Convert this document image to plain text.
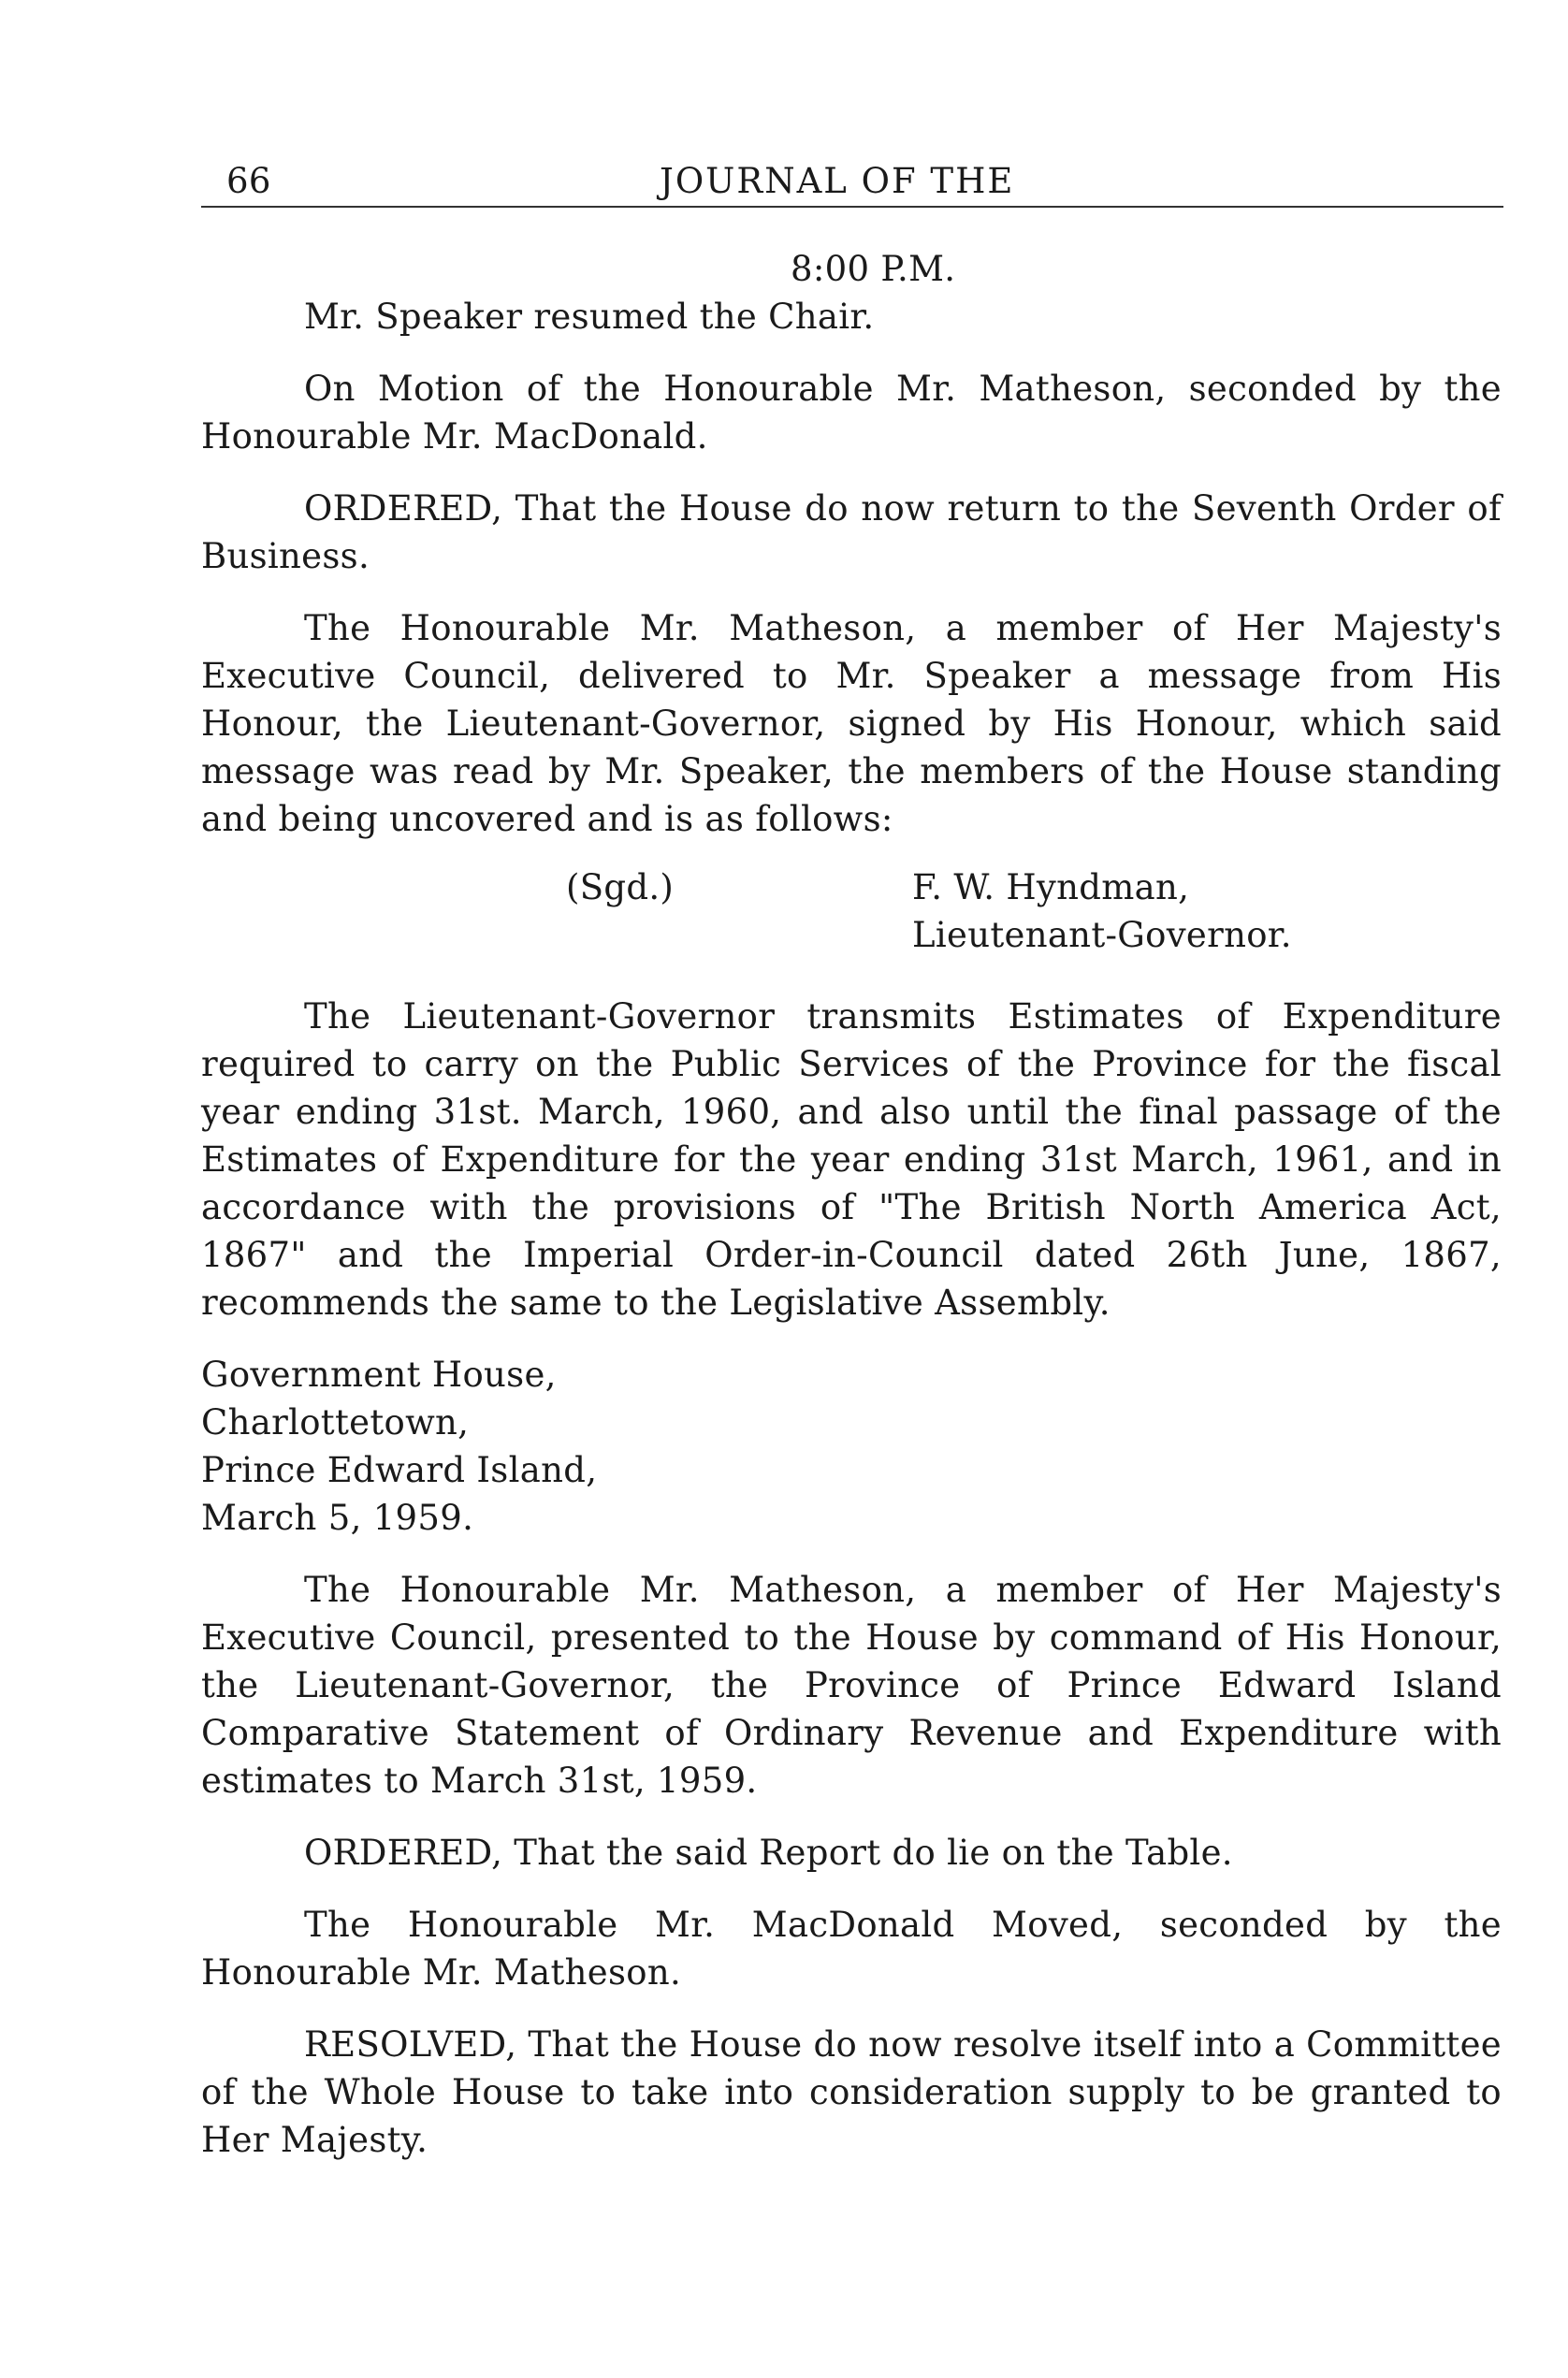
66	JOURNAL OF THE

8:00 P.M.

Mr. Speaker resumed the Chair.

On Motion of the Honourable Mr. Matheson, seconded by the Honourable Mr. MacDonald.

ORDERED, That the House do now return to the Seventh Order of Business.

The Honourable Mr. Matheson, a member of Her Majesty's Executive Council, delivered to Mr. Speaker a message from His Honour, the Lieutenant-Governor, signed by His Honour, which said message was read by Mr. Speaker, the members of the House standing and being uncovered and is as follows:

(Sgd.)	F. W. Hyndman,
Lieutenant-Governor.

The Lieutenant-Governor transmits Estimates of Expenditure required to carry on the Public Services of the Province for the fiscal year ending 31st. March, 1960, and also until the final passage of the Estimates of Expenditure for the year ending 31st March, 1961, and in accordance with the provisions of "The British North America Act, 1867" and the Imperial Order-in-Council dated 26th June, 1867, recommends the same to the Legislative Assembly.

Government House,
Charlottetown,
Prince Edward Island,
March 5, 1959.

The Honourable Mr. Matheson, a member of Her Majesty's Executive Council, presented to the House by command of His Honour, the Lieutenant-Governor, the Province of Prince Edward Island Comparative Statement of Ordinary Revenue and Expenditure with estimates to March 31st, 1959.

ORDERED, That the said Report do lie on the Table.

The Honourable Mr. MacDonald Moved, seconded by the Honourable Mr. Matheson.

RESOLVED, That the House do now resolve itself into a Committee of the Whole House to take into consideration supply to be granted to Her Majesty.
